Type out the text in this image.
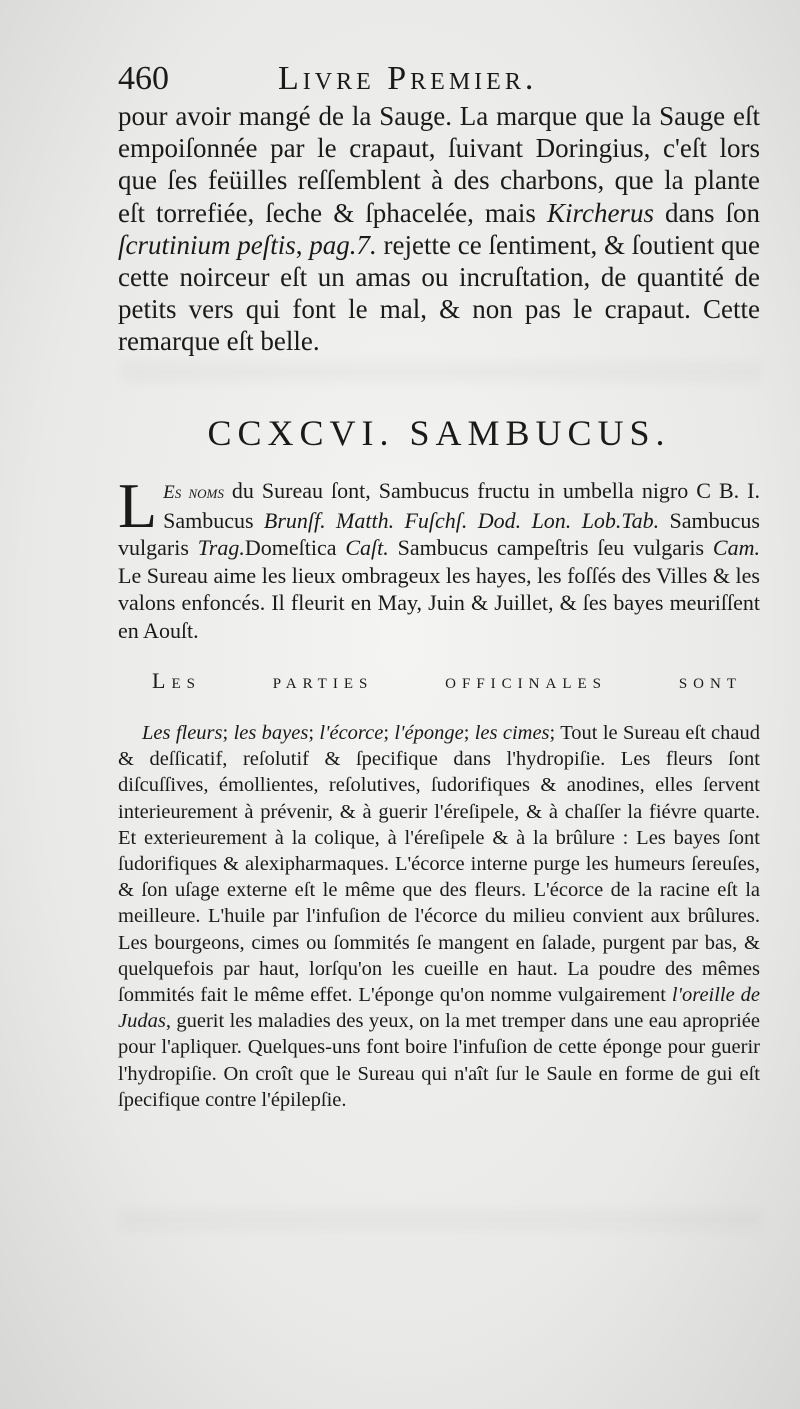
460	Livre Premier.
pour avoir mangé de la Sauge. La marque que la Sauge eſt empoiſonnée par le crapaut, ſuivant Doringius, c'eſt lors que ſes feüilles reſſemblent à des charbons, que la plante eſt torrefiée, ſeche & ſphacelée, mais Kircherus dans ſon ſcrutinium peſtis, pag.7. rejette ce ſentiment, & ſoutient que cette noirceur eſt un amas ou incruſtation, de quantité de petits vers qui font le mal, & non pas le crapaut. Cette remarque eſt belle.
CCXCVI. SAMBUCUS.
L Es noms du Sureau ſont, Sambucus fructu in umbella nigro C B. I. Sambucus Brunſf. Matth. Fuſchſ. Dod. Lon. Lob.Tab. Sambucus vulgaris Trag.Domeſtica Caſt. Sambucus campeſtris ſeu vulgaris Cam. Le Sureau aime les lieux ombrageux les hayes, les foſſés des Villes & les valons enfoncés. Il fleurit en May, Juin & Juillet, & ſes bayes meuriſſent en Aouſt.
Les parties officinales sont
Les fleurs; les bayes; l'écorce; l'éponge; les cimes; Tout le Sureau eſt chaud & deſſicatif, reſolutif & ſpecifique dans l'hydropiſie. Les fleurs ſont diſcuſſives, émollientes, reſolutives, ſudorifiques & anodines, elles ſervent interieurement à prévenir, & à guerir l'éreſipele, & à chaſſer la fiévre quarte. Et exterieurement à la colique, à l'éreſipele & à la brûlure : Les bayes ſont ſudorifiques & alexipharmaques. L'écorce interne purge les humeurs ſereuſes, & ſon uſage externe eſt le même que des fleurs. L'écorce de la racine eſt la meilleure. L'huile par l'infuſion de l'écorce du milieu convient aux brûlures. Les bourgeons, cimes ou ſommités ſe mangent en ſalade, purgent par bas, & quelquefois par haut, lorſqu'on les cueille en haut. La poudre des mêmes ſommités fait le même effet. L'éponge qu'on nomme vulgairement l'oreille de Judas, guerit les maladies des yeux, on la met tremper dans une eau apropriée pour l'apliquer. Quelques-uns font boire l'infuſion de cette éponge pour guerir l'hydropiſie. On croît que le Sureau qui n'aît ſur le Saule en forme de gui eſt ſpecifique contre l'épilepſie.
